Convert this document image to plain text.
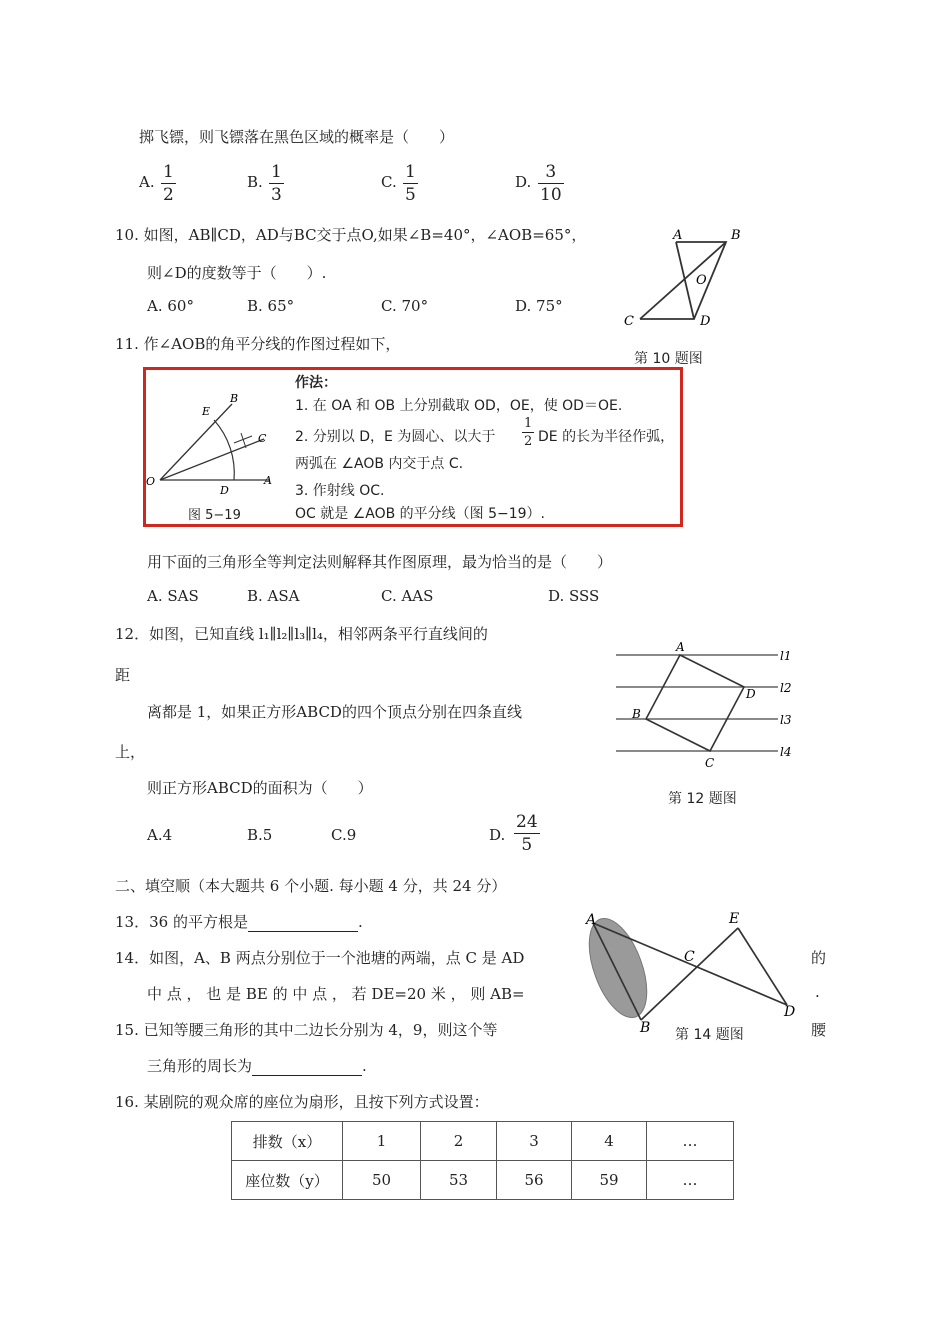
掷飞镖，则飞镖落在黑色区域的概率是（　　）
A. 1
2
B. 1
3
C. 1
5
D. 3
10
10. 如图，AB∥CD，AD与BC交于点O,如果∠B=40°，∠AOB=65°，
则∠D的度数等于（　　）.
A. 60°	B. 65°	C. 70°	D. 75°
A	B
O
C	D
第 10 题图
11. 作∠AOB的角平分线的作图过程如下，
O
B
E
C
D
A
图 5−19
作法：
1. 在 OA 和 OB 上分别截取 OD，OE，使 OD＝OE.
2. 分别以 D，E 为圆心、以大于
1
2 DE 的长为半径作弧，
两弧在 ∠AOB 内交于点 C.
3. 作射线 OC.
OC 就是 ∠AOB 的平分线（图 5−19）.
用下面的三角形全等判定法则解释其作图原理，最为恰当的是（　　）
A. SAS	B. ASA	C. AAS	D. SSS
12．如图，已知直线 l₁∥l₂∥l₃∥l₄，相邻两条平行直线间的
距
离都是 1，如果正方形ABCD的四个顶点分别在四条直线
上，
则正方形ABCD的面积为（　　）
A.4	B.5	C.9	D.
24
5
A
B
C
D
l1
l2
l3
l4
第 12 题图
二、填空顺（本大题共 6 个小题. 每小题 4 分，共 24 分）
13．36 的平方根是	.
14．如图，A、B 两点分别位于一个池塘的两端，点 C 是 AD	的
中 点 ， 也 是 BE 的 中 点 ， 若 DE=20 米 ， 则 AB=	.
A
B
C
D
E
第 14 题图
15. 已知等腰三角形的其中二边长分别为 4，9，则这个等	腰
三角形的周长为	.
16. 某剧院的观众席的座位为扇形，且按下列方式设置：
排数（x）	1	2	3	4	…
座位数（y）	50	53	56	59	…
